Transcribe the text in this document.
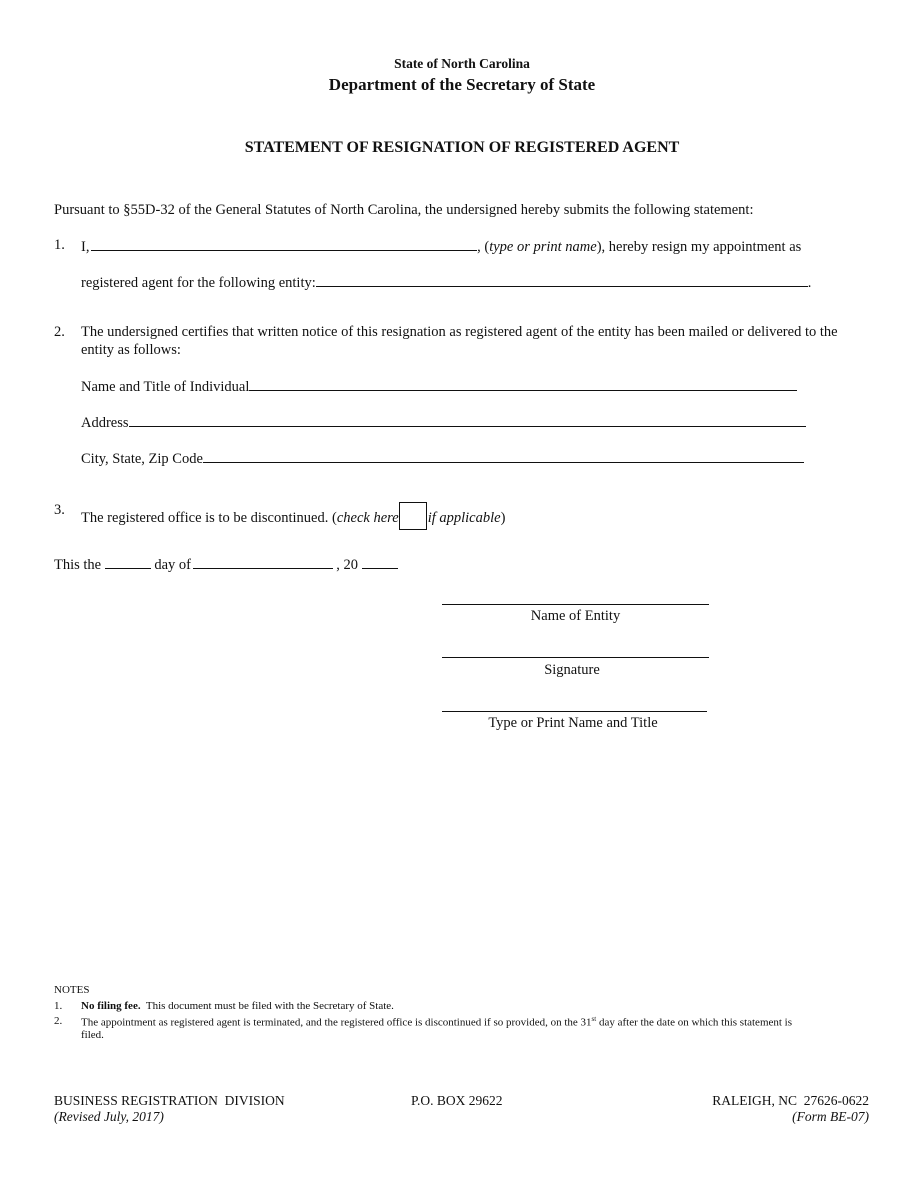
State of North Carolina
Department of the Secretary of State
STATEMENT OF RESIGNATION OF REGISTERED AGENT
Pursuant to §55D-32 of the General Statutes of North Carolina, the undersigned hereby submits the following statement:
1. I,	, (type or print name), hereby resign my appointment as
registered agent for the following entity:	.
2. The undersigned certifies that written notice of this resignation as registered agent of the entity has been mailed or delivered to the
entity as follows:
Name and Title of Individual
Address
City, State, Zip Code
3. The registered office is to be discontinued. (check here if applicable)
This the	day of	, 20
Name of Entity
Signature
Type or Print Name and Title
NOTES
1. No filing fee.  This document must be filed with the Secretary of State.
2. The appointment as registered agent is terminated, and the registered office is discontinued if so provided, on the 31st day after the date on which this statement is
filed.
BUSINESS REGISTRATION  DIVISION
(Revised July, 2017)
P.O. BOX 29622	RALEIGH, NC  27626-0622
(Form BE-07)
